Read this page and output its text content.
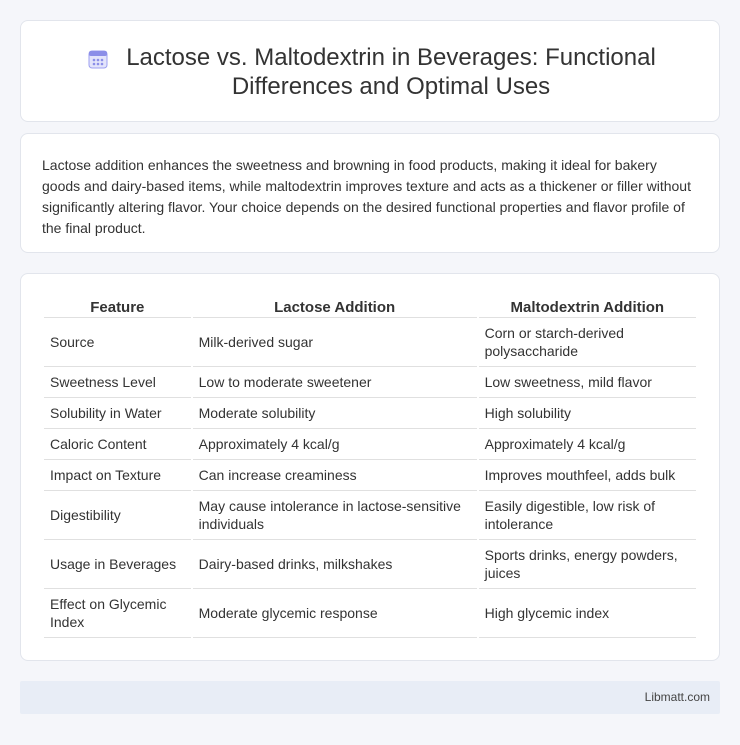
Lactose vs. Maltodextrin in Beverages: Functional Differences and Optimal Uses

Lactose addition enhances the sweetness and browning in food products, making it ideal for bakery goods and dairy-based items, while maltodextrin improves texture and acts as a thickener or filler without significantly altering flavor. Your choice depends on the desired functional properties and flavor profile of the final product.

Feature	Lactose Addition	Maltodextrin Addition
Source	Milk-derived sugar	Corn or starch-derived polysaccharide
Sweetness Level	Low to moderate sweetener	Low sweetness, mild flavor
Solubility in Water	Moderate solubility	High solubility
Caloric Content	Approximately 4 kcal/g	Approximately 4 kcal/g
Impact on Texture	Can increase creaminess	Improves mouthfeel, adds bulk
Digestibility	May cause intolerance in lactose-sensitive individuals	Easily digestible, low risk of intolerance
Usage in Beverages	Dairy-based drinks, milkshakes	Sports drinks, energy powders, juices
Effect on Glycemic Index	Moderate glycemic response	High glycemic index
Libmatt.com
